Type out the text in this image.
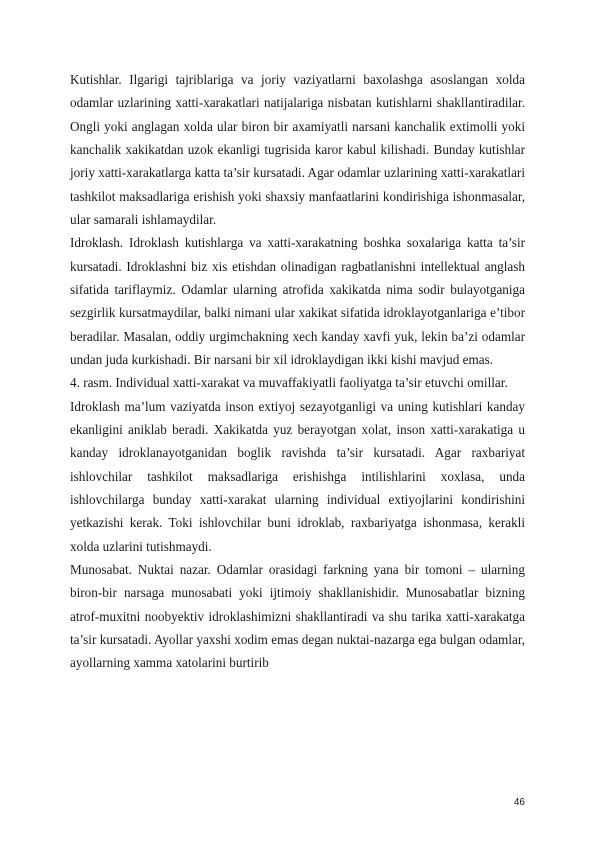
Kutishlar. Ilgarigi tajriblariga va joriy vaziyatlarni baxolashga asoslangan xolda odamlar uzlarining xatti-xarakatlari natijalariga nisbatan kutishlarni shakllantiradilar. Ongli yoki anglagan xolda ular biron bir axamiyatli narsani kanchalik extimolli yoki kanchalik xakikatdan uzok ekanligi tugrisida karor kabul kilishadi. Bunday kutishlar joriy xatti-xarakatlarga katta ta’sir kursatadi. Agar odamlar uzlarining xatti-xarakatlari tashkilot maksadlariga erishish yoki shaxsiy manfaatlarini kondirishiga ishonmasalar, ular samarali ishlamaydilar.

Idroklash. Idroklash kutishlarga va xatti-xarakatning boshka soxalariga katta ta’sir kursatadi. Idroklashni biz xis etishdan olinadigan ragbatlanishni intellektual anglash sifatida tariflaymiz. Odamlar ularning atrofida xakikatda nima sodir bulayotganiga sezgirlik kursatmaydilar, balki nimani ular xakikat sifatida idroklayotganlariga e’tibor beradilar. Masalan, oddiy urgimchakning xech kanday xavfi yuk, lekin ba’zi odamlar undan juda kurkishadi. Bir narsani bir xil idroklaydigan ikki kishi mavjud emas.

4. rasm. Individual xatti-xarakat va muvaffakiyatli faoliyatga ta’sir etuvchi omillar.

Idroklash ma’lum vaziyatda inson extiyoj sezayotganligi va uning kutishlari kanday ekanligini aniklab beradi. Xakikatda yuz berayotgan xolat, inson xatti-xarakatiga u kanday idroklanayotganidan boglik ravishda ta’sir kursatadi. Agar raxbariyat ishlovchilar tashkilot maksadlariga erishishga intilishlarini xoxlasa, unda ishlovchilarga bunday xatti-xarakat ularning individual extiyojlarini kondirishini yetkazishi kerak. Toki ishlovchilar buni idroklab, raxbariyatga ishonmasa, kerakli xolda uzlarini tutishmaydi.

Munosabat. Nuktai nazar. Odamlar orasidagi farkning yana bir tomoni – ularning biron-bir narsaga munosabati yoki ijtimoiy shakllanishidir. Munosabatlar bizning atrof-muxitni noobyektiv idroklashimizni shakllantiradi va shu tarika xatti-xarakatga ta’sir kursatadi. Ayollar yaxshi xodim emas degan nuktai-nazarga ega bulgan odamlar, ayollarning xamma xatolarini burtirib

46
